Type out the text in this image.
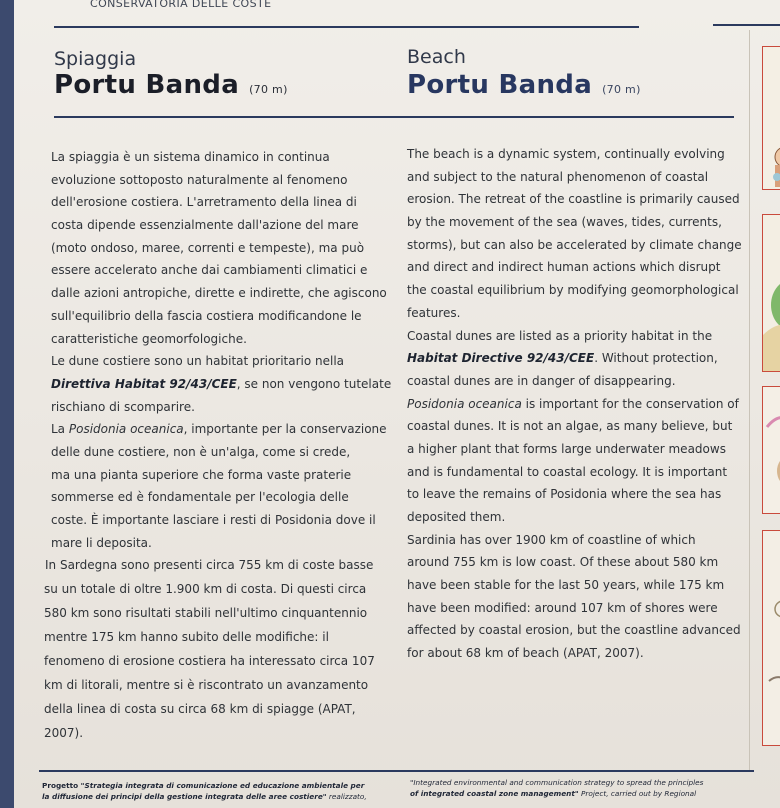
CONSERVATORIA DELLE COSTE
Spiaggia
Portu Banda (70 m)
Beach
Portu Banda (70 m)
La spiaggia è un sistema dinamico in continua
evoluzione sottoposto naturalmente al fenomeno
dell'erosione costiera. L'arretramento della linea di
costa dipende essenzialmente dall'azione del mare
(moto ondoso, maree, correnti e tempeste), ma può
essere accelerato anche dai cambiamenti climatici e
dalle azioni antropiche, dirette e indirette, che agiscono
sull'equilibrio della fascia costiera modificandone le
caratteristiche geomorfologiche.
Le dune costiere sono un habitat prioritario nella
Direttiva Habitat 92/43/CEE, se non vengono tutelate
rischiano di scomparire.
La Posidonia oceanica, importante per la conservazione
delle dune costiere, non è un'alga, come si crede,
ma una pianta superiore che forma vaste praterie
sommerse ed è fondamentale per l'ecologia delle
coste. È importante lasciare i resti di Posidonia dove il
mare li deposita.
In Sardegna sono presenti circa 755 km di coste basse
su un totale di oltre 1.900 km di costa. Di questi circa
580 km sono risultati stabili nell'ultimo cinquantennio
mentre 175 km hanno subito delle modifiche: il
fenomeno di erosione costiera ha interessato circa 107
km di litorali, mentre si è riscontrato un avanzamento
della linea di costa su circa 68 km di spiagge (APAT,
2007).
The beach is a dynamic system, continually evolving
and subject to the natural phenomenon of coastal
erosion. The retreat of the coastline is primarily caused
by the movement of the sea (waves, tides, currents,
storms), but can also be accelerated by climate change
and direct and indirect human actions which disrupt
the coastal equilibrium by modifying geomorphological
features.
Coastal dunes are listed as a priority habitat in the
Habitat Directive 92/43/CEE. Without protection,
coastal dunes are in danger of disappearing.
Posidonia oceanica is important for the conservation of
coastal dunes. It is not an algae, as many believe, but
a higher plant that forms large underwater meadows
and is fundamental to coastal ecology. It is important
to leave the remains of Posidonia where the sea has
deposited them.
Sardinia has over 1900 km of coastline of which
around 755 km is low coast. Of these about 580 km
have been stable for the last 50 years, while 175 km
have been modified: around 107 km of shores were
affected by coastal erosion, but the coastline advanced
for about 68 km of beach (APAT, 2007).
Progetto "Strategia integrata di comunicazione ed educazione ambientale per
la diffusione dei principi della gestione integrata delle aree costiere" realizzato,
"Integrated environmental and communication strategy to spread the principles
of integrated coastal zone management" Project, carried out by Regional
